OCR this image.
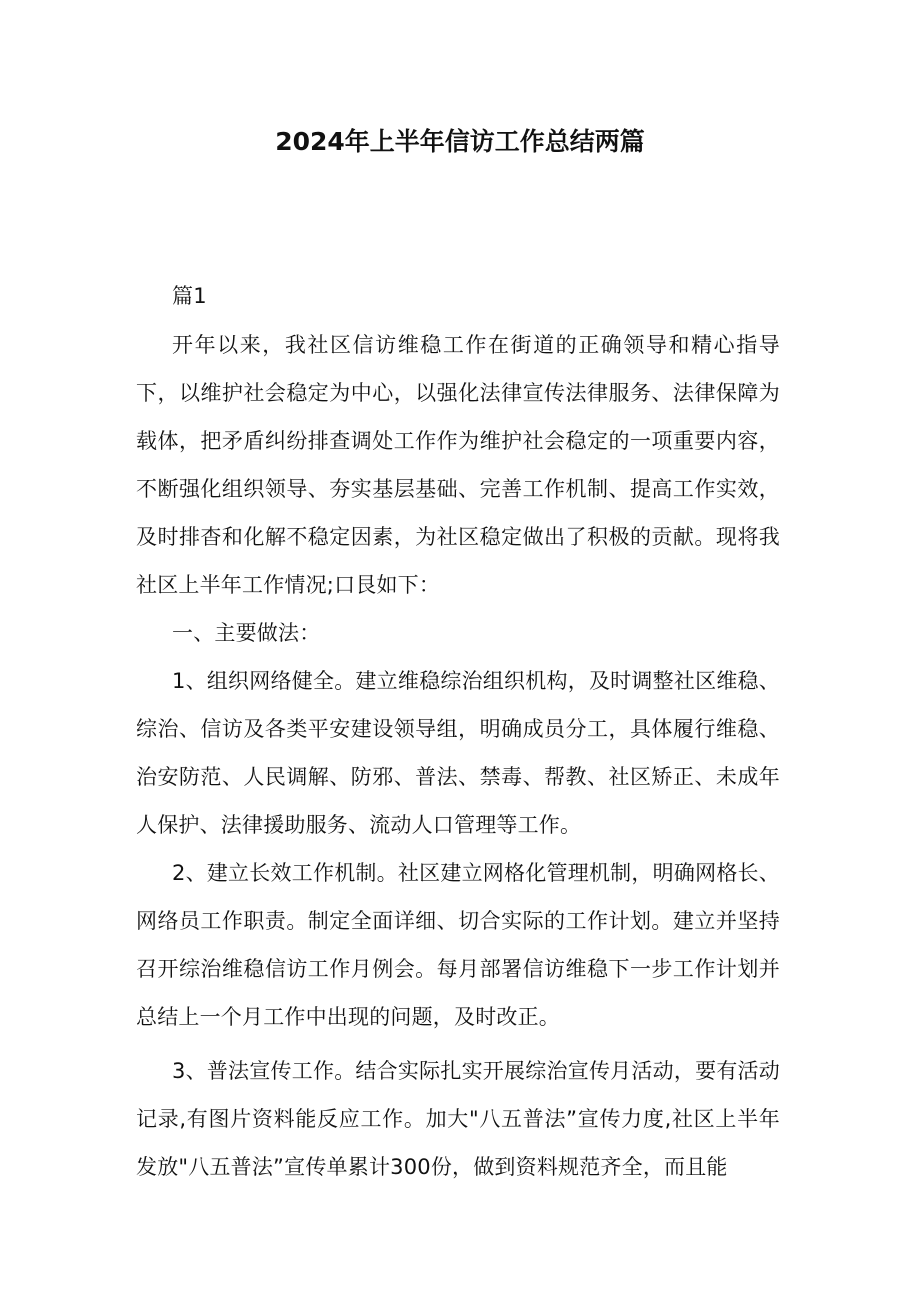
2024年上半年信访工作总结两篇

篇1

开年以来，我社区信访维稳工作在街道的正确领导和精心指导下，以维护社会稳定为中心，以强化法律宣传法律服务、法律保障为载体，把矛盾纠纷排查调处工作作为维护社会稳定的一项重要内容，不断强化组织领导、夯实基层基础、完善工作机制、提高工作实效，及时排杳和化解不稳定因素，为社区稳定做出了积极的贡献。现将我社区上半年工作情况;口艮如下：

一、主要做法：

1、组织网络健全。建立维稳综治组织机构，及时调整社区维稳、综治、信访及各类平安建设领导组，明确成员分工，具体履行维稳、治安防范、人民调解、防邪、普法、禁毒、帮教、社区矫正、未成年人保护、法律援助服务、流动人口管理等工作。

2、建立长效工作机制。社区建立网格化管理机制，明确网格长、网络员工作职责。制定全面详细、切合实际的工作计划。建立并坚持召开综治维稳信访工作月例会。每月部署信访维稳下一步工作计划并总结上一个月工作中出现的问题，及时改正。

3、普法宣传工作。结合实际扎实开展综治宣传月活动，要有活动记录,有图片资料能反应工作。加大"八五普法”宣传力度,社区上半年发放"八五普法”宣传单累计300份，做到资料规范齐全，而且能
